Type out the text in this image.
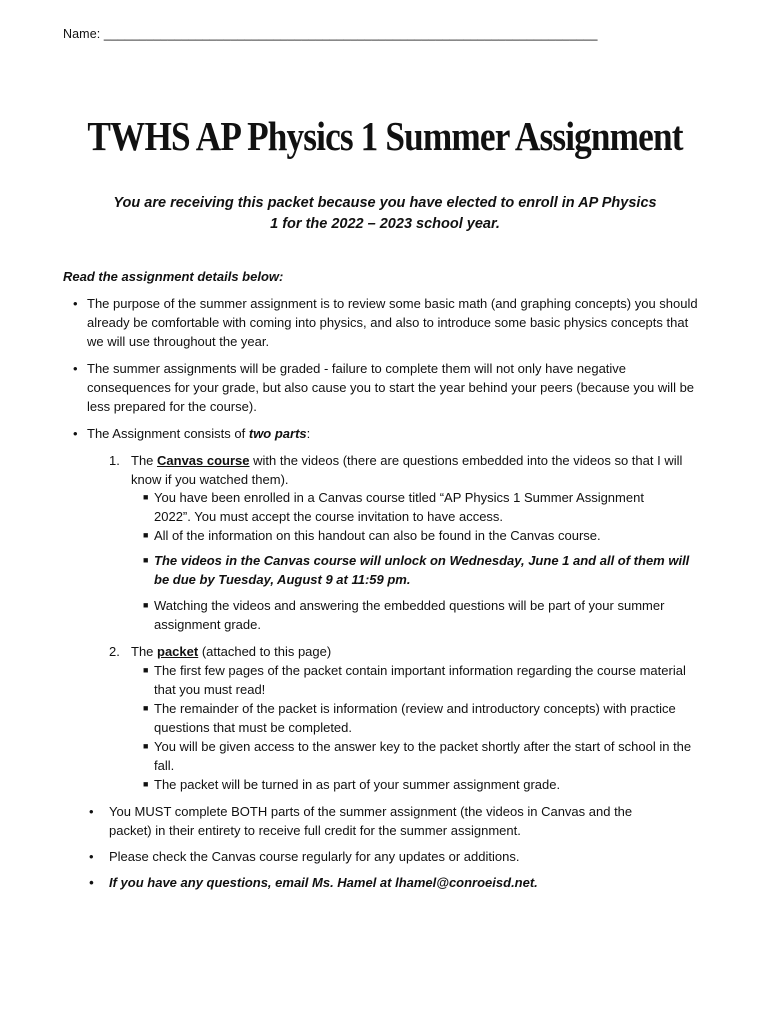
Name: ______________________________________________________________________
TWHS AP Physics 1 Summer Assignment
You are receiving this packet because you have elected to enroll in AP Physics 1 for the 2022 – 2023 school year.
Read the assignment details below:
• The purpose of the summer assignment is to review some basic math (and graphing concepts) you should already be comfortable with coming into physics, and also to introduce some basic physics concepts that we will use throughout the year.
• The summer assignments will be graded - failure to complete them will not only have negative consequences for your grade, but also cause you to start the year behind your peers (because you will be less prepared for the course).
• The Assignment consists of two parts:
1. The Canvas course with the videos (there are questions embedded into the videos so that I will know if you watched them).
■ You have been enrolled in a Canvas course titled “AP Physics 1 Summer Assignment 2022”. You must accept the course invitation to have access.
■ All of the information on this handout can also be found in the Canvas course.
■ The videos in the Canvas course will unlock on Wednesday, June 1 and all of them will be due by Tuesday, August 9 at 11:59 pm.
■ Watching the videos and answering the embedded questions will be part of your summer assignment grade.
2. The packet (attached to this page)
■ The first few pages of the packet contain important information regarding the course material that you must read!
■ The remainder of the packet is information (review and introductory concepts) with practice questions that must be completed.
■ You will be given access to the answer key to the packet shortly after the start of school in the fall.
■ The packet will be turned in as part of your summer assignment grade.
• You MUST complete BOTH parts of the summer assignment (the videos in Canvas and the packet) in their entirety to receive full credit for the summer assignment.
• Please check the Canvas course regularly for any updates or additions.
• If you have any questions, email Ms. Hamel at lhamel@conroeisd.net.
